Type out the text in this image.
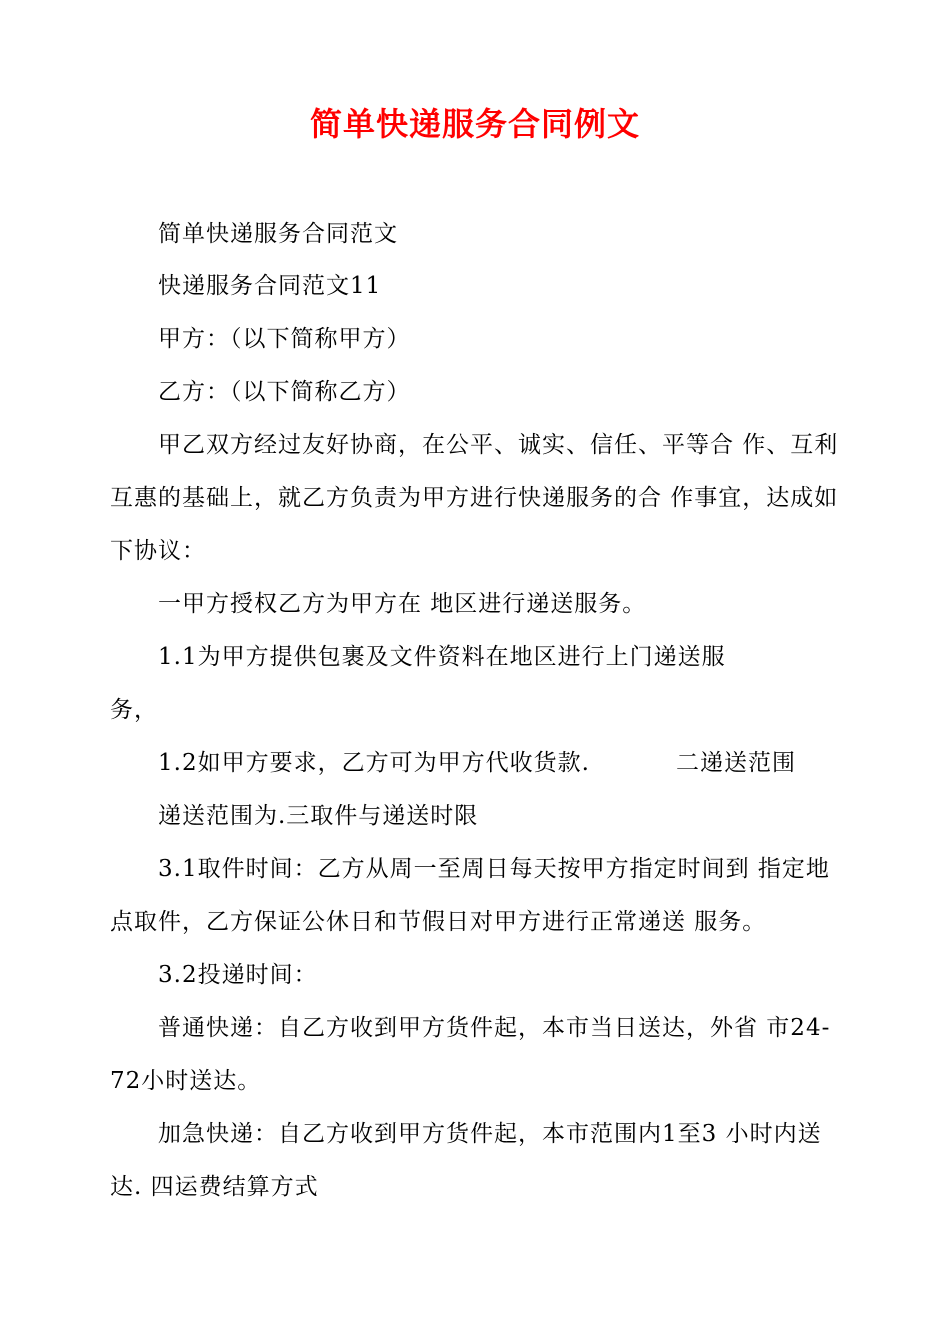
简单快递服务合同例文
简单快递服务合同范文
快递服务合同范文11
甲方：（以下简称甲方）
乙方：（以下简称乙方）
甲乙双方经过友好协商，在公平、诚实、信任、平等合 作、互利
互惠的基础上，就乙方负责为甲方进行快递服务的合 作事宜，达成如
下协议：
一甲方授权乙方为甲方在 地区进行递送服务。
1.1为甲方提供包裹及文件资料在地区进行上门递送服
务，
1.2如甲方要求，乙方可为甲方代收货款.	二递送范围
递送范围为.三取件与递送时限
3.1取件时间：乙方从周一至周日每天按甲方指定时间到 指定地
点取件，乙方保证公休日和节假日对甲方进行正常递送 服务。
3.2投递时间：
普通快递：自乙方收到甲方货件起，本市当日送达，外省 市24-
72小时送达。
加急快递：自乙方收到甲方货件起，本市范围内1至3 小时内送
达. 四运费结算方式
